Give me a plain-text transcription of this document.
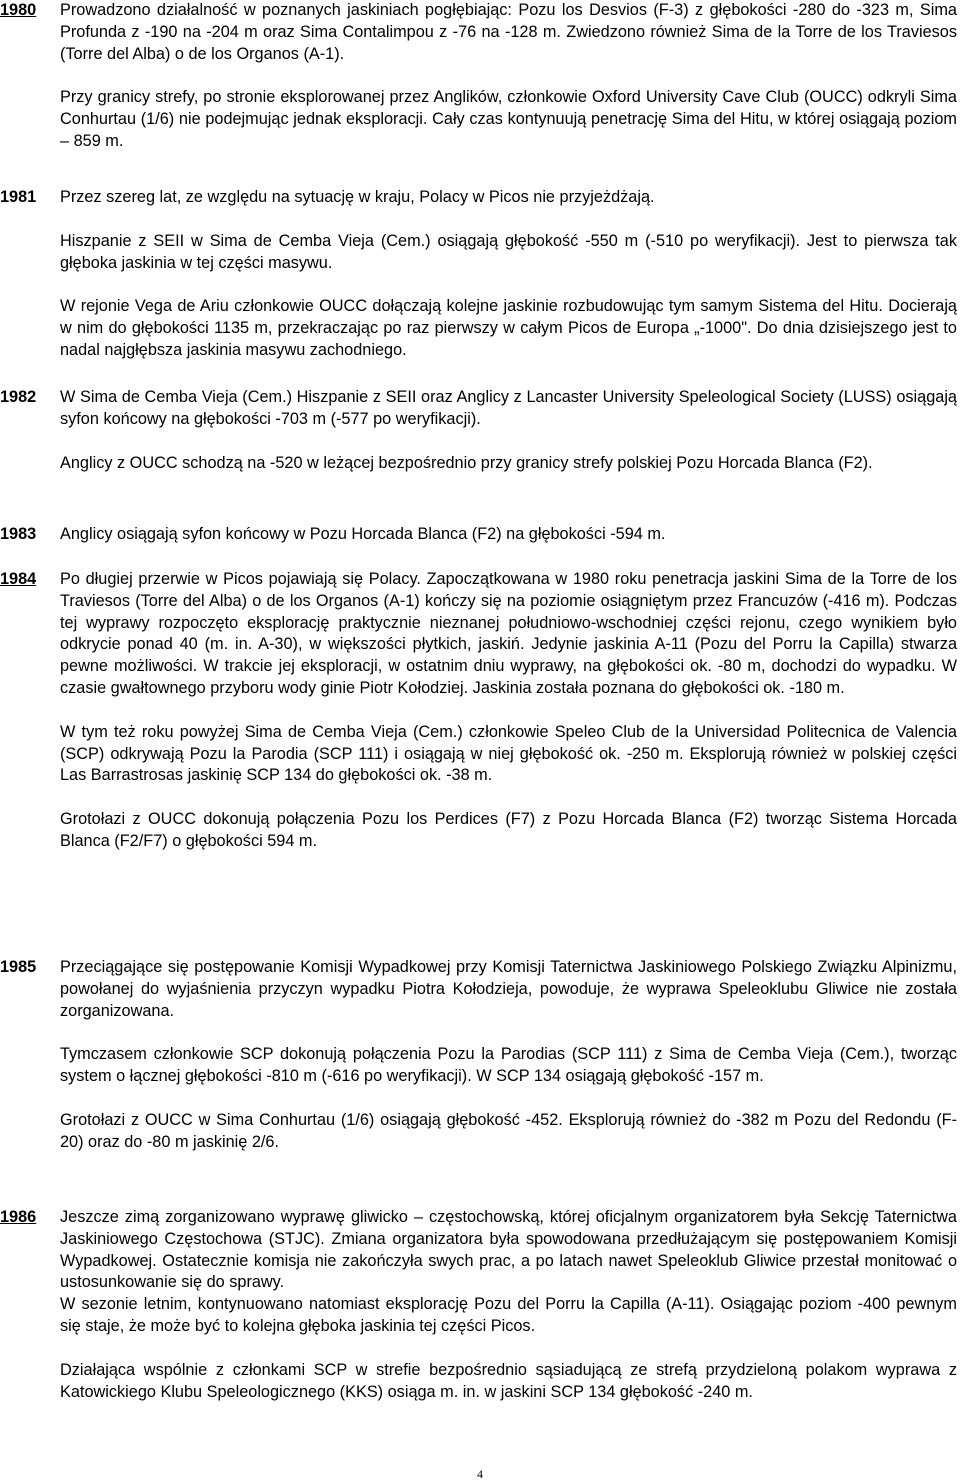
1980	Prowadzono działalność w poznanych jaskiniach pogłębiając: Pozu los Desvios (F-3) z głębokości -280 do -323 m, Sima Profunda z -190 na -204 m oraz Sima Contalimpou z -76 na -128 m. Zwiedzono również Sima de la Torre de los Traviesos (Torre del Alba) o de los Organos (A-1).

Przy granicy strefy, po stronie eksplorowanej przez Anglików, członkowie Oxford University Cave Club (OUCC) odkryli Sima Conhurtau (1/6) nie podejmując jednak eksploracji. Cały czas kontynuują penetrację Sima del Hitu, w której osiągają poziom – 859 m.

1981	Przez szereg lat, ze względu na sytuację w kraju, Polacy w Picos nie przyjeżdżają.

Hiszpanie z SEII w Sima de Cemba Vieja (Cem.) osiągają głębokość -550 m (-510 po weryfikacji). Jest to pierwsza tak głęboka jaskinia w tej części masywu.

W rejonie Vega de Ariu członkowie OUCC dołączają kolejne jaskinie rozbudowując tym samym Sistema del Hitu. Docierają w nim do głębokości 1135 m, przekraczając po raz pierwszy w całym Picos de Europa „-1000". Do dnia dzisiejszego jest to nadal najgłębsza jaskinia masywu zachodniego.

1982	W Sima de Cemba Vieja (Cem.) Hiszpanie z SEII oraz Anglicy z Lancaster University Speleological Society (LUSS) osiągają syfon końcowy na głębokości -703 m (-577 po weryfikacji).

Anglicy z OUCC schodzą na -520 w leżącej bezpośrednio przy granicy strefy polskiej Pozu Horcada Blanca (F2).

1983	Anglicy osiągają syfon końcowy w Pozu Horcada Blanca (F2) na głębokości -594 m.

1984	Po długiej przerwie w Picos pojawiają się Polacy. Zapoczątkowana w 1980 roku penetracja jaskini Sima de la Torre de los Traviesos (Torre del Alba) o de los Organos (A-1) kończy się na poziomie osiągniętym przez Francuzów (-416 m). Podczas tej wyprawy rozpoczęto eksplorację praktycznie nieznanej południowo-wschodniej części rejonu, czego wynikiem było odkrycie ponad 40 (m. in. A-30), w większości płytkich, jaskiń. Jedynie jaskinia A-11 (Pozu del Porru la Capilla) stwarza pewne możliwości. W trakcie jej eksploracji, w ostatnim dniu wyprawy, na głębokości ok. -80 m, dochodzi do wypadku. W czasie gwałtownego przyboru wody ginie Piotr Kołodziej. Jaskinia została poznana do głębokości ok. -180 m.

W tym też roku powyżej Sima de Cemba Vieja (Cem.) członkowie Speleo Club de la Universidad Politecnica de Valencia (SCP) odkrywają Pozu la Parodia (SCP 111) i osiągają w niej głębokość ok. -250 m. Eksplorują również w polskiej części Las Barrastrosas jaskinię SCP 134 do głębokości ok. -38 m.

Grotołazi z OUCC dokonują połączenia Pozu los Perdices (F7) z Pozu Horcada Blanca (F2) tworząc Sistema Horcada Blanca (F2/F7) o głębokości 594 m.

1985	Przeciągające się postępowanie Komisji Wypadkowej przy Komisji Taternictwa Jaskiniowego Polskiego Związku Alpinizmu, powołanej do wyjaśnienia przyczyn wypadku Piotra Kołodzieja, powoduje, że wyprawa Speleoklubu Gliwice nie została zorganizowana.

Tymczasem członkowie SCP dokonują połączenia Pozu la Parodias (SCP 111) z Sima de Cemba Vieja (Cem.), tworząc system o łącznej głębokości -810 m (-616 po weryfikacji). W SCP 134 osiągają głębokość -157 m.

Grotołazi z OUCC w Sima Conhurtau (1/6) osiągają głębokość -452. Eksplorują również do -382 m Pozu del Redondu (F-20) oraz do -80 m jaskinię 2/6.

1986	Jeszcze zimą zorganizowano wyprawę gliwicko – częstochowską, której oficjalnym organizatorem była Sekcję Taternictwa Jaskiniowego Częstochowa (STJC). Zmiana organizatora była spowodowana przedłużającym się postępowaniem Komisji Wypadkowej. Ostatecznie komisja nie zakończyła swych prac, a po latach nawet Speleoklub Gliwice przestał monitować o ustosunkowanie się do sprawy.

W sezonie letnim, kontynuowano natomiast eksplorację Pozu del Porru la Capilla (A-11). Osiągając poziom -400 pewnym się staje, że może być to kolejna głęboka jaskinia tej części Picos.

Działająca wspólnie z członkami SCP w strefie bezpośrednio sąsiadującą ze strefą przydzieloną polakom wyprawa z Katowickiego Klubu Speleologicznego (KKS) osiąga m. in. w jaskini SCP 134 głębokość -240 m.

4
